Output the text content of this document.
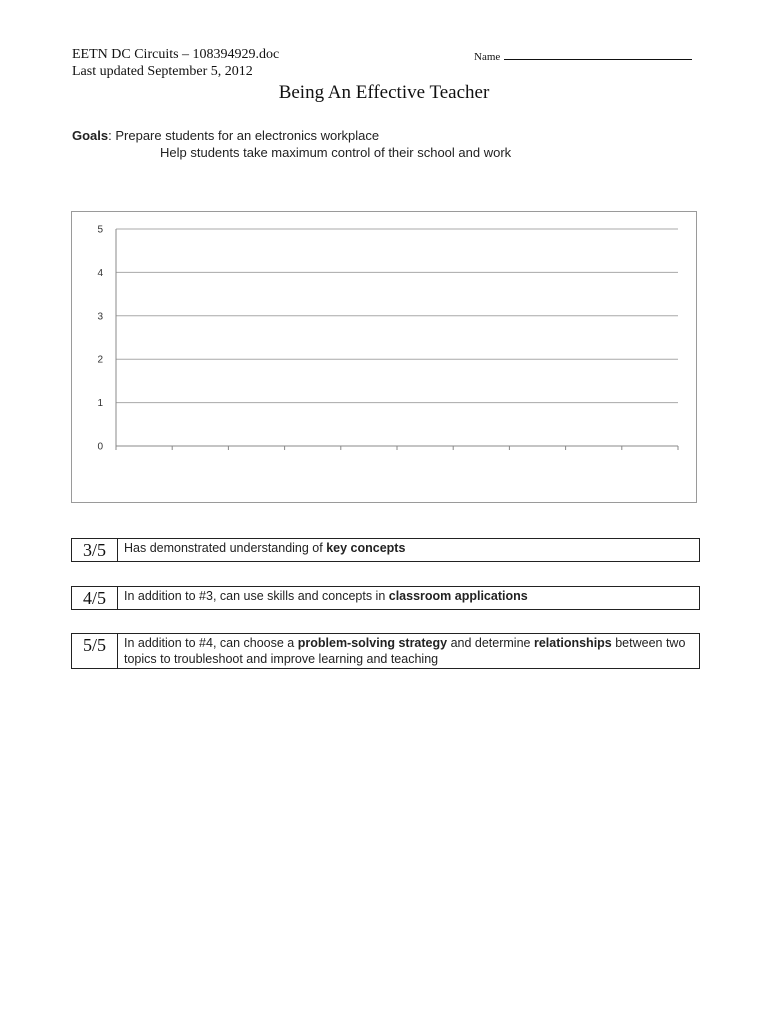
EETN DC Circuits – 108394929.doc
Last updated September 5, 2012
Name
Being An Effective Teacher
Goals: Prepare students for an electronics workplace
Help students take maximum control of their school and work
0
1
2
3
4
5
3/5	Has demonstrated understanding of key concepts
4/5	In addition to #3, can use skills and concepts in classroom applications
5/5	In addition to #4, can choose a problem-solving strategy and determine relationships between two topics to troubleshoot and improve learning and teaching
